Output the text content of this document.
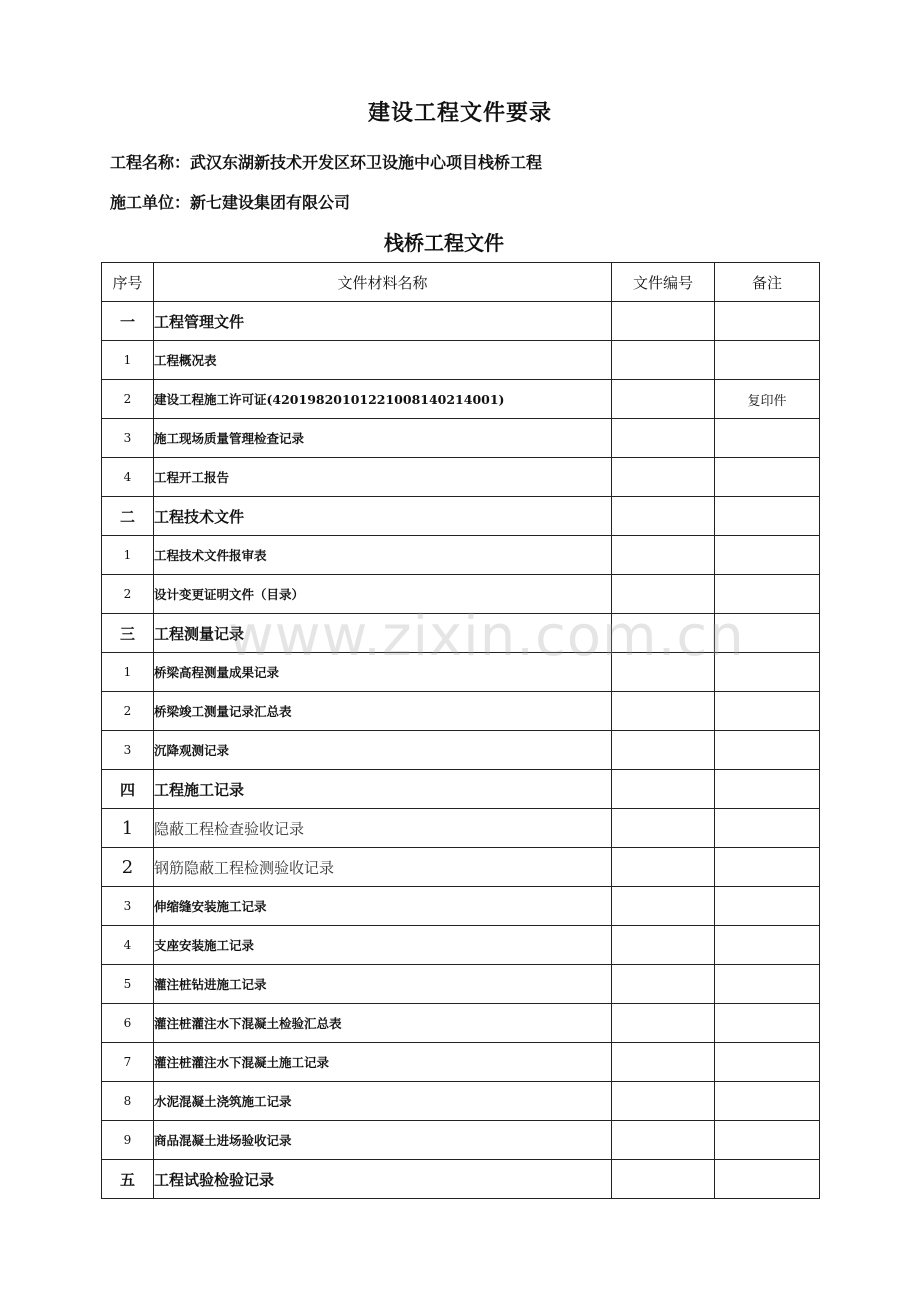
建设工程文件要录
工程名称：武汉东湖新技术开发区环卫设施中心项目栈桥工程
施工单位：新七建设集团有限公司
栈桥工程文件
序号	文件材料名称	文件编号	备注
一	工程管理文件		
1	工程概况表		
2	建设工程施工许可证(42019820101221008140214001)		复印件
3	施工现场质量管理检查记录		
4	工程开工报告		
二	工程技术文件		
1	工程技术文件报审表		
2	设计变更证明文件（目录）		
三	工程测量记录		
1	桥梁高程测量成果记录		
2	桥梁竣工测量记录汇总表		
3	沉降观测记录		
四	工程施工记录		
1	隐蔽工程检查验收记录		
2	钢筋隐蔽工程检测验收记录		
3	伸缩缝安装施工记录		
4	支座安装施工记录		
5	灌注桩钻进施工记录		
6	灌注桩灌注水下混凝土检验汇总表		
7	灌注桩灌注水下混凝土施工记录		
8	水泥混凝土浇筑施工记录		
9	商品混凝土进场验收记录		
五	工程试验检验记录		
www.zixin.com.cn
